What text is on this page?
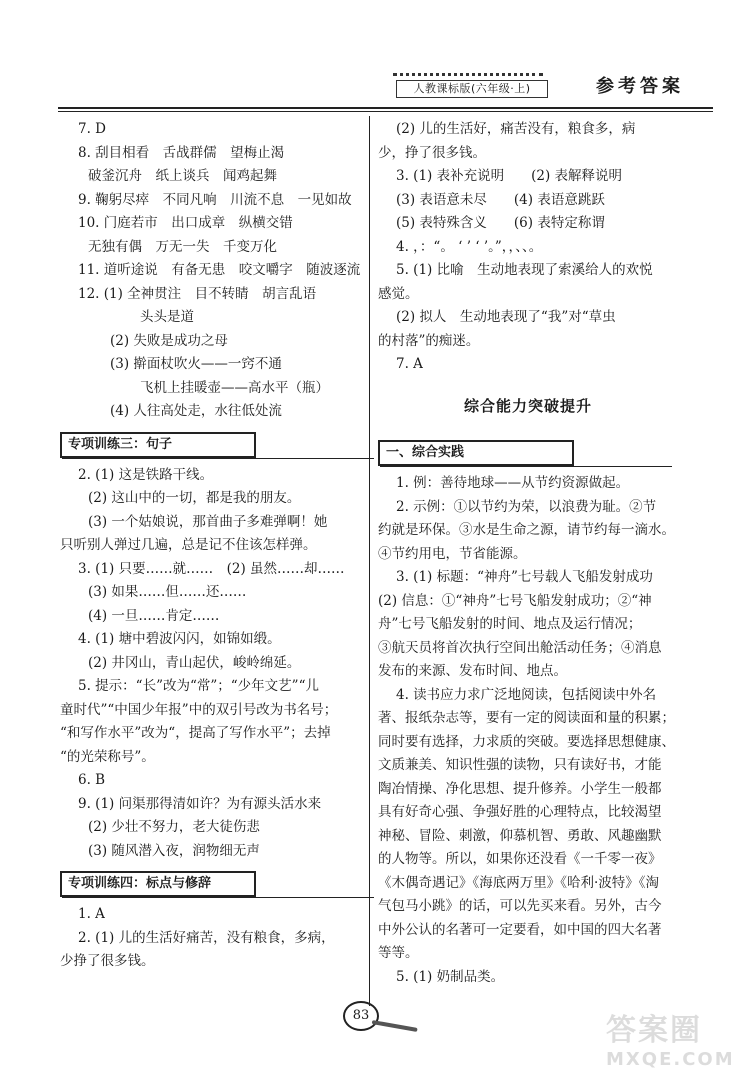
人教课标版(六年级·上)	参考答案
7. D
8. 刮目相看　舌战群儒　望梅止渴
破釜沉舟　纸上谈兵　闻鸡起舞
9. 鞠躬尽瘁　不同凡响　川流不息　一见如故
10. 门庭若市　出口成章　纵横交错
无独有偶　万无一失　千变万化
11. 道听途说　有备无患　咬文嚼字　随波逐流
12. (1) 全神贯注　目不转睛　胡言乱语
头头是道
(2) 失败是成功之母
(3) 擀面杖吹火——一窍不通
飞机上挂暖壶——高水平（瓶）
(4) 人往高处走，水往低处流
专项训练三：句子
2. (1) 这是铁路干线。
(2) 这山中的一切，都是我的朋友。
(3) 一个姑娘说，那首曲子多难弹啊！她
只听别人弹过几遍，总是记不住该怎样弹。
3. (1) 只要……就……　(2) 虽然……却……
(3) 如果……但……还……
(4) 一旦……肯定……
4. (1) 塘中碧波闪闪，如锦如缎。
(2) 井冈山，青山起伏，峻岭绵延。
5. 提示：“长”改为“常”；“少年文艺”“儿
童时代”“中国少年报”中的双引号改为书名号；
“和写作水平”改为“，提高了写作水平”；去掉
“的光荣称号”。
6. B
9. (1) 问渠那得清如许？为有源头活水来
(2) 少壮不努力，老大徒伤悲
(3) 随风潜入夜，润物细无声
专项训练四：标点与修辞
1. A
2. (1) 儿的生活好痛苦，没有粮食，多病，
少挣了很多钱。
(2) 儿的生活好，痛苦没有，粮食多，病
少，挣了很多钱。
3. (1) 表补充说明　　(2) 表解释说明
(3) 表语意未尽　　(4) 表语意跳跃
(5) 表特殊含义　　(6) 表特定称谓
4. ，：“。 ‘ ’ ‘ ’。”，，、、。
5. (1) 比喻　生动地表现了索溪给人的欢悦
感觉。
(2) 拟人　生动地表现了“我”对“草虫
的村落”的痴迷。
7. A
综合能力突破提升
一、综合实践
1. 例：善待地球——从节约资源做起。
2. 示例：①以节约为荣，以浪费为耻。②节
约就是环保。③水是生命之源，请节约每一滴水。
④节约用电，节省能源。
3. (1) 标题：“神舟”七号载人飞船发射成功
(2) 信息：①“神舟”七号飞船发射成功；②“神
舟”七号飞船发射的时间、地点及运行情况；
③航天员将首次执行空间出舱活动任务；④消息
发布的来源、发布时间、地点。
4. 读书应力求广泛地阅读，包括阅读中外名
著、报纸杂志等，要有一定的阅读面和量的积累；
同时要有选择，力求质的突破。要选择思想健康、
文质兼美、知识性强的读物，只有读好书，才能
陶冶情操、净化思想、提升修养。小学生一般都
具有好奇心强、争强好胜的心理特点，比较渴望
神秘、冒险、刺激，仰慕机智、勇敢、风趣幽默
的人物等。所以，如果你还没看《一千零一夜》
《木偶奇遇记》《海底两万里》《哈利·波特》《淘
气包马小跳》的话，可以先买来看。另外，古今
中外公认的名著可一定要看，如中国的四大名著
等等。
5. (1) 奶制品类。
83	答案圈
MXQE.COM
